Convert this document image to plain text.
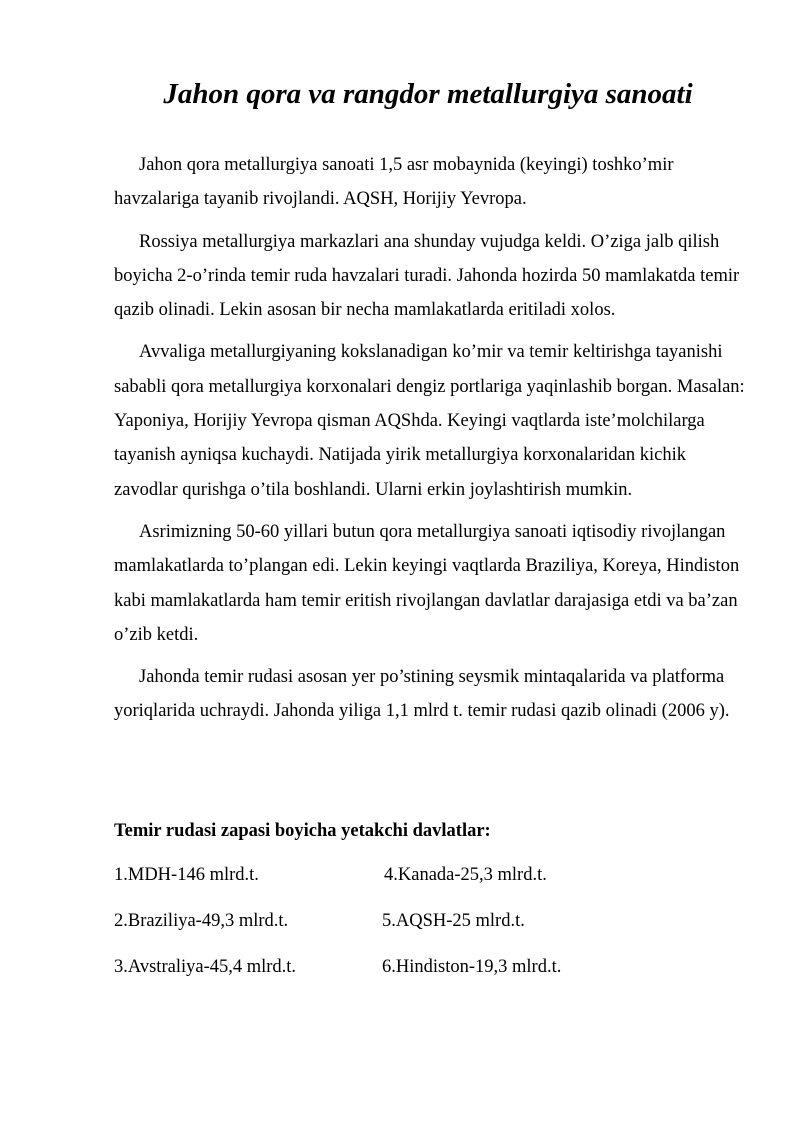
Jahon qora va rangdor metallurgiya sanoati

Jahon qora metallurgiya sanoati 1,5 asr mobaynida (keyingi) toshko’mir havzalariga tayanib rivojlandi. AQSH, Horijiy Yevropa.

Rossiya metallurgiya markazlari ana shunday vujudga keldi. O’ziga jalb qilish boyicha 2-o’rinda temir ruda havzalari turadi. Jahonda hozirda 50 mamlakatda temir qazib olinadi. Lekin asosan bir necha mamlakatlarda eritiladi xolos.

Avvaliga metallurgiyaning kokslanadigan ko’mir va temir keltirishga tayanishi sababli qora metallurgiya korxonalari dengiz portlariga yaqinlashib borgan. Masalan: Yaponiya, Horijiy Yevropa qisman AQShda. Keyingi vaqtlarda iste’molchilarga tayanish ayniqsa kuchaydi. Natijada yirik metallurgiya korxonalaridan kichik zavodlar qurishga o’tila boshlandi. Ularni erkin joylashtirish mumkin.

Asrimizning 50-60 yillari butun qora metallurgiya sanoati iqtisodiy rivojlangan mamlakatlarda to’plangan edi. Lekin keyingi vaqtlarda Braziliya, Koreya, Hindiston kabi mamlakatlarda ham temir eritish rivojlangan davlatlar darajasiga etdi va ba’zan o’zib ketdi.

Jahonda temir rudasi asosan yer po’stining seysmik mintaqalarida va platforma yoriqlarida uchraydi. Jahonda yiliga 1,1 mlrd t. temir rudasi qazib olinadi (2006 y).

Temir rudasi zapasi boyicha yetakchi davlatlar:

1.MDH-146 mlrd.t.	4.Kanada-25,3 mlrd.t.
2.Braziliya-49,3 mlrd.t.	5.AQSH-25 mlrd.t.
3.Avstraliya-45,4 mlrd.t.	6.Hindiston-19,3 mlrd.t.
